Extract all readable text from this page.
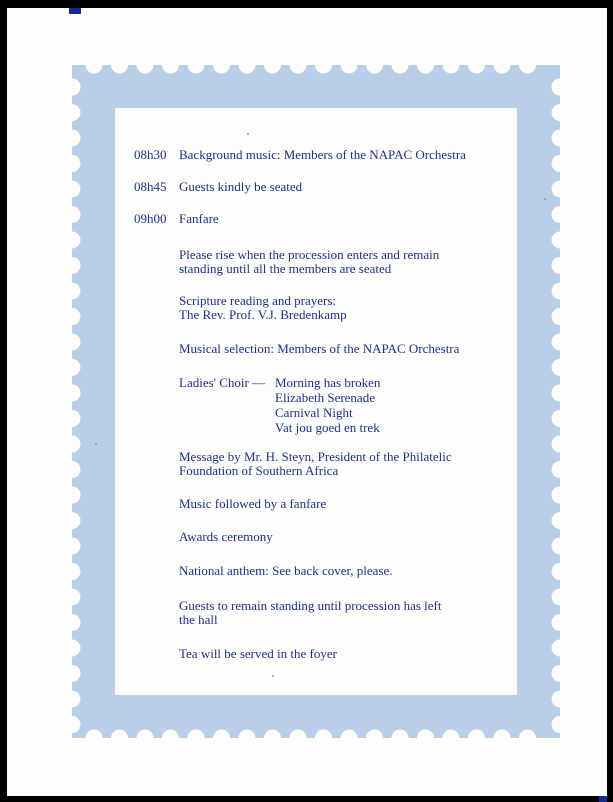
08h30 Background music: Members of the NAPAC Orchestra
08h45 Guests kindly be seated
09h00 Fanfare
Please rise when the procession enters and remain
standing until all the members are seated
Scripture reading and prayers:
The Rev. Prof. V.J. Bredenkamp
Musical selection: Members of the NAPAC Orchestra
Ladies' Choir — Morning has broken
Elizabeth Serenade
Carnival Night
Vat jou goed en trek
Message by Mr. H. Steyn, President of the Philatelic
Foundation of Southern Africa
Music followed by a fanfare
Awards ceremony
National anthem: See back cover, please.
Guests to remain standing until procession has left
the hall
Tea will be served in the foyer
